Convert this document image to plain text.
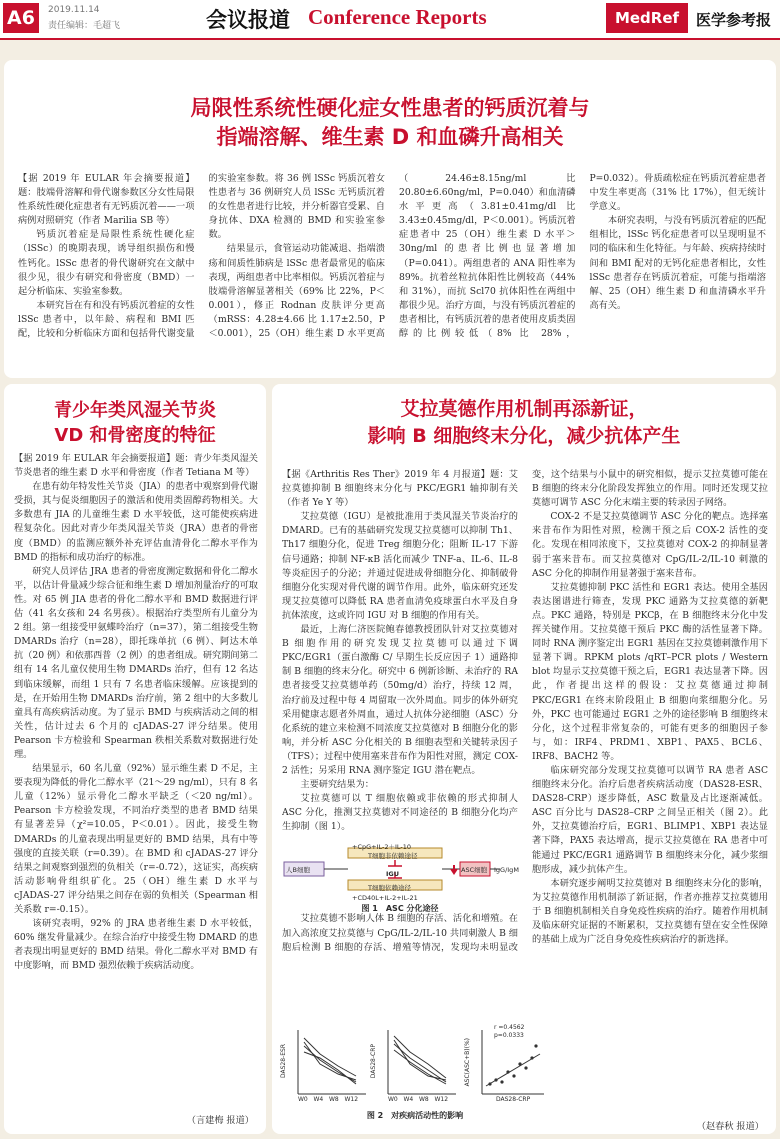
A6	2019.11.14
责任编辑：毛超飞	会议报道 Conference Reports	MedRef	医学参考报
局限性系统性硬化症女性患者的钙质沉着与
指端溶解、维生素 D 和血磷升高相关

【据 2019 年 EULAR 年会摘要报道】题：肢端骨溶解和骨代谢参数区分女性局限性系统性硬化症患者有无钙质沉着——一项病例对照研究（作者 Marilia SB 等）

钙质沉着症是局限性系统性硬化症（lSSc）的晚期表现，诱导组织损伤和慢性钙化。lSSc 患者的骨代谢研究在文献中很少见，很少有研究和骨密度（BMD）一起分析临床、实验室参数。

本研究旨在有和没有钙质沉着症的女性 lSSc 患者中，以年龄、病程和 BMI 匹配，比较和分析临床方面和包括骨代谢变量的实验室参数。将 36 例 lSSc 钙质沉着女性患者与 36 例研究人员 lSSc 无钙质沉着的女性患者进行比较，并分析器官受累、自身抗体、DXA 检测的 BMD 和实验室参数。

结果显示，食管运动功能减退、指端溃疡和间质性肺病是 lSSc 患者最常见的临床表现，两组患者中比率相似。钙质沉着症与肢端骨溶解显著相关（69% 比 22%，P＜0.001），修正 Rodnan 皮肤评分更高（mRSS：4.28±4.66 比 1.17±2.50，P＜0.001），25（OH）维生素 D 水平更高（24.46±8.15ng/ml 比 20.80±6.60ng/ml，P=0.040）和血清磷水平更高（3.81±0.41mg/dl 比 3.43±0.45mg/dl，P＜0.001）。钙质沉着症患者中 25（OH）维生素 D 水平＞30ng/ml 的患者比例也显著增加（P=0.041）。两组患者的 ANA 阳性率为 89%。抗着丝粒抗体阳性比例较高（44% 和 31%），而抗 Scl70 抗体阳性在两组中都很少见。治疗方面，与没有钙质沉着症的患者相比，有钙质沉着的患者使用皮质类固醇的比例较低（8% 比 28%，P=0.032）。骨质疏松症在钙质沉着症患者中发生率更高（31% 比 17%），但无统计学意义。

本研究表明，与没有钙质沉着症的匹配组相比，lSSc 钙化症患者可以呈现明显不同的临床和生化特征。与年龄、疾病持续时间和 BMI 配对的无钙化症患者相比，女性 lSSc 患者存在钙质沉着症，可能与指端溶解、25（OH）维生素 D 和血清磷水平升高有关。

青少年类风湿关节炎
VD 和骨密度的特征

【据 2019 年 EULAR 年会摘要报道】题：青少年类风湿关节炎患者的维生素 D 水平和骨密度（作者 Tetiana M 等）

在患有幼年特发性关节炎（JIA）的患者中观察到骨代谢受损，其与促炎细胞因子的激活和使用类固醇药物相关。大多数患有 JIA 的儿童维生素 D 水平较低，这可能使疾病进程复杂化。因此对青少年类风湿关节炎（JRA）患者的骨密度（BMD）的监测应额外补充评估血清骨化二醇水平作为 BMD 的指标和成功治疗的标准。

研究人员评估 JRA 患者的骨密度测定数据和骨化二醇水平，以估计骨量减少综合征和维生素 D 增加剂量治疗的可取性。对 65 例 JIA 患者的骨化二醇水平和 BMD 数据进行评估（41 名女孩和 24 名男孩）。根据治疗类型所有儿童分为 2 组。第一组接受甲氨蝶呤治疗（n=37），第二组接受生物 DMARDs 治疗（n=28），即托珠单抗（6 例）、阿达木单抗（20 例）和依那西普（2 例）的患者组成。研究期间第二组有 14 名儿童仅使用生物 DMARDs 治疗，但有 12 名达到临床缓解，而组 1 只有 7 名患者临床缓解。应该提到的是，在开始用生物 DMARDs 治疗前，第 2 组中的大多数儿童具有高疾病活动度。为了显示 BMD 与疾病活动之间的相关性，估计过去 6 个月的 cJADAS-27 评分结果。使用 Pearson 卡方检验和 Spearman 秩相关系数对数据进行处理。

结果显示，60 名儿童（92%）显示维生素 D 不足，主要表现为降低的骨化二醇水平（21～29 ng/ml），只有 8 名儿童（12%）显示骨化二醇水平缺乏（＜20 ng/ml）。Pearson 卡方检验发现，不同治疗类型的患者 BMD 结果有显著差异（χ²=10.05，P＜0.01）。因此，接受生物 DMARDs 的儿童表现出明显更好的 BMD 结果，具有中等强度的直接关联（r=0.39）。在 BMD 和 cJADAS-27 评分结果之间观察到强烈的负相关（r=-0.72），这证实，高疾病活动影响骨组织矿化。25（OH）维生素 D 水平与 cJADAS-27 评分结果之间存在弱的负相关（Spearman 相关系数 r=-0.15）。

该研究表明，92% 的 JRA 患者维生素 D 水平较低，60% 继发骨量减少。在综合治疗中接受生物 DMARD 的患者表现出明显更好的 BMD 结果。骨化二醇水平对 BMD 有中度影响，而 BMD 强烈依赖于疾病活动度。

（言建梅 报道）
艾拉莫德作用机制再添新证，
影响 B 细胞终末分化，减少抗体产生

【据《Arthritis Res Ther》2019 年 4 月报道】题：艾拉莫德抑制 B 细胞终末分化与 PKC/EGR1 轴抑制有关（作者 Ye Y 等）

艾拉莫德（IGU）是被批准用于类风湿关节炎治疗的 DMARD。已有的基础研究发现艾拉莫德可以抑制 Th1、Th17 细胞分化，促进 Treg 细胞分化；阻断 IL-17 下游信号通路；抑制 NF-κB 活化而减少 TNF-a、IL-6、IL-8 等炎症因子的分泌；并通过促进成骨细胞分化、抑制破骨细胞分化实现对骨代谢的调节作用。此外，临床研究还发现艾拉莫德可以降低 RA 患者血清免疫球蛋白水平及自身抗体浓度，这或许同 IGU 对 B 细胞的作用有关。

最近，上海仁济医院鲍春德教授团队针对艾拉莫德对 B 细胞作用的研究发现艾拉莫德可以通过下调 PKC/EGR1（蛋白激酶 C/ 早期生长反应因子 1）通路抑制 B 细胞的终末分化。研究中 6 例新诊断、未治疗的 RA 患者接受艾拉莫德单药（50mg/d）治疗，持续 12 周，治疗前及过程中每 4 周留取一次外周血。同步的体外研究采用健康志愿者外周血，通过人抗体分泌细胞（ASC）分化系统的建立来检测不同浓度艾拉莫德对 B 细胞分化的影响，并分析 ASC 分化相关的 B 细胞表型和关键转录因子（TFS）；过程中使用塞来昔布作为阳性对照，测定 COX-2 活性；另采用 RNA 测序鉴定 IGU 潜在靶点。

主要研究结果为：

艾拉莫德可以 T 细胞依赖或非依赖的形式抑制人 ASC 分化，推测艾拉莫德对不同途径的 B 细胞分化均产生抑制（图 1）。

人B细胞
+CpG+IL-2＋IL-10
T细胞非依赖途径
IGU
T细胞依赖途径
+CD40L+IL-2+IL-21
ASC细胞 IgG/IgM
图 1　ASC 分化途径

艾拉莫德不影响人体 B 细胞的存活、活化和增殖。在加入高浓度艾拉莫德与 CpG/IL-2/IL-10 共同刺激人 B 细胞后检测 B 细胞的存活、增殖等情况，发现均未明显改变，这个结果与小鼠中的研究相似，提示艾拉莫德可能在 B 细胞的终末分化阶段发挥独立的作用。同时还发现艾拉莫德可调节 ASC 分化末端主要的转录因子网络。

COX-2 不是艾拉莫德调节 ASC 分化的靶点。选择塞来昔布作为阳性对照，检测干预之后 COX-2 活性的变化。发现在相同浓度下，艾拉莫德对 COX-2 的抑制显著弱于塞来昔布。而艾拉莫德对 CpG/IL-2/IL-10 刺激的 ASC 分化的抑制作用显著强于塞来昔布。

艾拉莫德抑制 PKC 活性和 EGR1 表达。使用全基因表达图谱进行筛查，发现 PKC 通路为艾拉莫德的新靶点。PKC 通路，特别是 PKCβ，在 B 细胞终末分化中发挥关键作用。艾拉莫德干预后 PKC 酶的活性显著下降。同时 RNA 测序鉴定出 EGR1 基因在艾拉莫德刺激作用下显著下调。RPKM plots /qRT–PCR plots / Western blot 均显示艾拉莫德干预之后，EGR1 表达显著下降。因此，作者提出这样的假设：艾拉莫德通过抑制 PKC/EGR1 在终末阶段阻止 B 细胞向浆细胞分化。另外，PKC 也可能通过 EGR1 之外的途径影响 B 细胞终末分化，这个过程非常复杂的，可能有更多的细胞因子参与，如：IRF4、PRDM1、XBP1、PAX5、BCL6、IRF8、BACH2 等。

临床研究部分发现艾拉莫德可以调节 RA 患者 ASC 细胞终末分化。治疗后患者疾病活动度（DAS28-ESR、DAS28-CRP）逐步降低，ASC 数量及占比逐渐减低。ASC 百分比与 DAS28–CRP 之间呈正相关（图 2）。此外，艾拉莫德治疗后，EGR1、BLIMP1、XBP1 表达显著下降，PAX5 表达增高，提示艾拉莫德在 RA 患者中可能通过 PKC/EGR1 通路调节 B 细胞终末分化，减少浆细胞形成，减少抗体产生。

本研究逐步阐明艾拉莫德对 B 细胞终末分化的影响，为艾拉莫德作用机制添了新证据，作者亦推荐艾拉莫德用于 B 细胞机制相关自身免疫性疾病的治疗。随着作用机制及临床研究证据的不断累积，艾拉莫德有望在安全性保障的基础上成为广泛自身免疫性疾病治疗的新选择。

DAS28-ESR	DAS28-CRP	ASC(ASC+B)(%)
r =0.4562
p=0.0333
W0 W4 W8 W12	W0 W4 W8 W12	DAS28-CRP
图 2　对疾病活动性的影响
（赵春秋 报道）
